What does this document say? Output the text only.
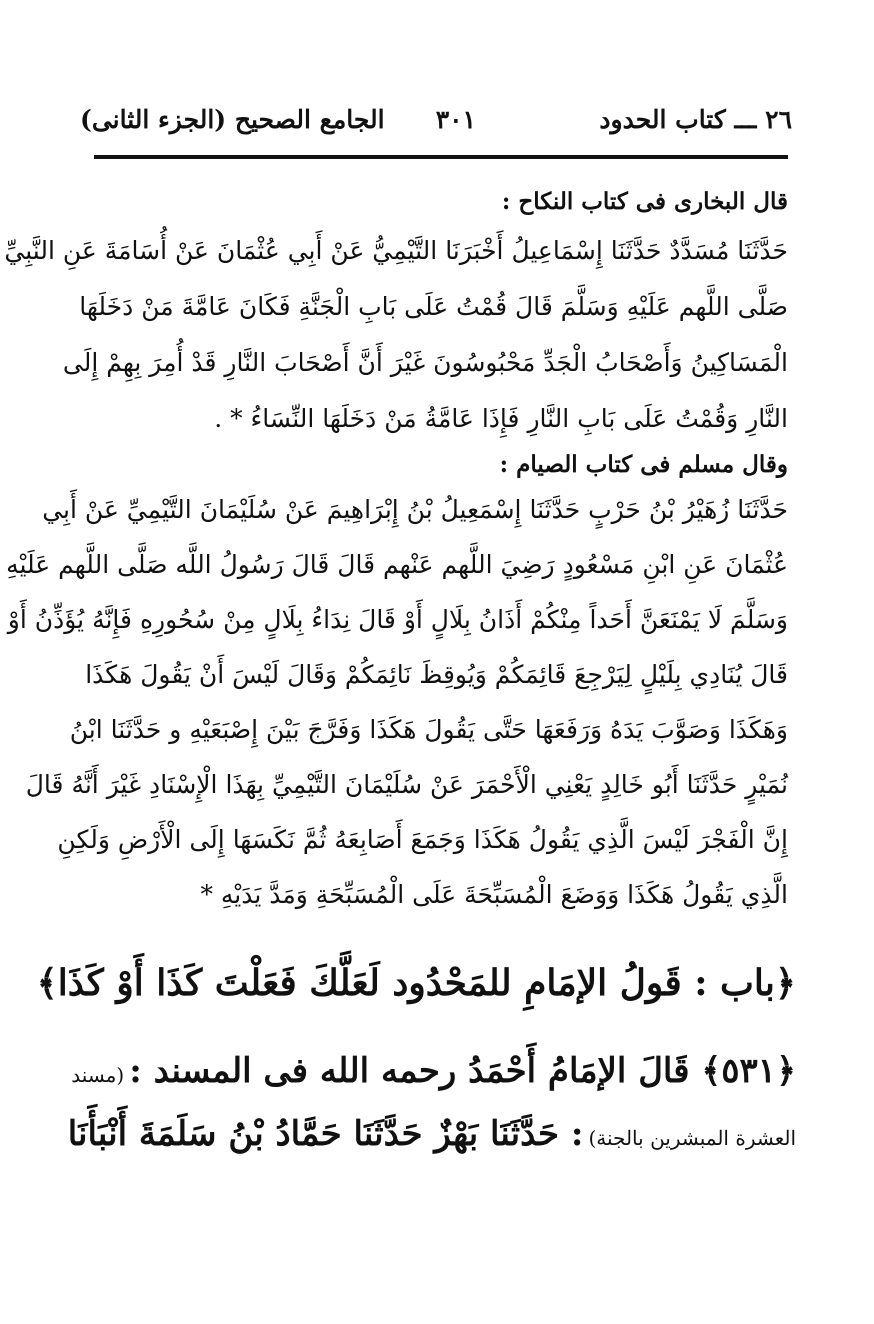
٢٦ ـــ كتاب الحدود
٣٠١
الجامع الصحيح (الجزء الثانى)
قال البخارى فى كتاب النكاح :
حَدَّثَنَا مُسَدَّدٌ حَدَّثَنَا إِسْمَاعِيلُ أَخْبَرَنَا التَّيْمِيُّ عَنْ أَبِي عُثْمَانَ عَنْ أُسَامَةَ عَنِ النَّبِيِّ
صَلَّى اللَّهم عَلَيْهِ وَسَلَّمَ قَالَ قُمْتُ عَلَى بَابِ الْجَنَّةِ فَكَانَ عَامَّةَ مَنْ دَخَلَهَا
الْمَسَاكِينُ وَأَصْحَابُ الْجَدِّ مَحْبُوسُونَ غَيْرَ أَنَّ أَصْحَابَ النَّارِ قَدْ أُمِرَ بِهِمْ إِلَى
النَّارِ وَقُمْتُ عَلَى بَابِ النَّارِ فَإِذَا عَامَّةُ مَنْ دَخَلَهَا النِّسَاءُ * .
وقال مسلم فى كتاب الصيام :
حَدَّثَنَا زُهَيْرُ بْنُ حَرْبٍ حَدَّثَنَا إِسْمَعِيلُ بْنُ إِبْرَاهِيمَ عَنْ سُلَيْمَانَ التَّيْمِيِّ عَنْ أَبِي
عُثْمَانَ عَنِ ابْنِ مَسْعُودٍ رَضِيَ اللَّهم عَنْهم قَالَ قَالَ رَسُولُ اللَّه صَلَّى اللَّهم عَلَيْهِ
وَسَلَّمَ لَا يَمْنَعَنَّ أَحَداً مِنْكُمْ أَذَانُ بِلَالٍ أَوْ قَالَ نِدَاءُ بِلَالٍ مِنْ سُحُورِهِ فَإِنَّهُ يُؤَذِّنُ أَوْ
قَالَ يُنَادِي بِلَيْلٍ لِيَرْجِعَ قَائِمَكُمْ وَيُوقِظَ نَائِمَكُمْ وَقَالَ لَيْسَ أَنْ يَقُولَ هَكَذَا
وَهَكَذَا وَصَوَّبَ يَدَهُ وَرَفَعَهَا حَتَّى يَقُولَ هَكَذَا وَفَرَّجَ بَيْنَ إِصْبَعَيْهِ و حَدَّثَنَا ابْنُ
نُمَيْرٍ حَدَّثَنَا أَبُو خَالِدٍ يَعْنِي الْأَحْمَرَ عَنْ سُلَيْمَانَ التَّيْمِيِّ بِهَذَا الْإِسْنَادِ غَيْرَ أَنَّهُ قَالَ
إِنَّ الْفَجْرَ لَيْسَ الَّذِي يَقُولُ هَكَذَا وَجَمَعَ أَصَابِعَهُ ثُمَّ نَكَسَهَا إِلَى الْأَرْضِ وَلَكِنِ
الَّذِي يَقُولُ هَكَذَا وَوَضَعَ الْمُسَبِّحَةَ عَلَى الْمُسَبِّحَةِ وَمَدَّ يَدَيْهِ *
﴿باب : قَولُ الإمَامِ للمَحْدُود لَعَلَّكَ فَعَلْتَ كَذَا أَوْ كَذَا﴾
﴿٥٣١﴾ قَالَ الإمَامُ أَحْمَدُ رحمه الله فى المسند : (مسند
العشرة المبشرين بالجنة) : حَدَّثَنَا بَهْزٌ حَدَّثَنَا حَمَّادُ بْنُ سَلَمَةَ أَنْبَأَنَا
